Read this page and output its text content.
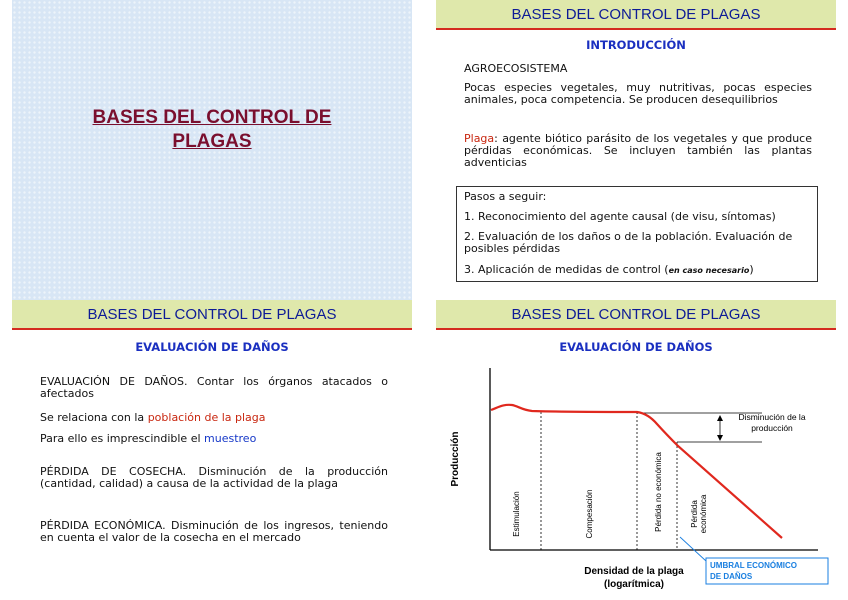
BASES DEL CONTROL DE
PLAGAS
BASES DEL CONTROL DE PLAGAS
INTRODUCCIÓN
AGROECOSISTEMA
Pocas especies vegetales, muy nutritivas, pocas especies animales, poca competencia. Se producen desequilibrios
Plaga: agente biótico parásito de los vegetales y que produce pérdidas económicas. Se incluyen también las plantas adventicias
Pasos a seguir:
1. Reconocimiento del agente causal (de visu, síntomas)
2. Evaluación de los daños o de la población. Evaluación de posibles pérdidas
3. Aplicación de medidas de control (en caso necesario)
BASES DEL CONTROL DE PLAGAS
EVALUACIÓN DE DAÑOS
EVALUACIÓN DE DAÑOS. Contar los órganos atacados o afectados
Se relaciona con la población de la plaga
Para ello es imprescindible el muestreo
PÉRDIDA DE COSECHA. Disminución de la producción (cantidad, calidad) a causa de la actividad de la plaga
PÉRDIDA ECONÓMICA. Disminución de los ingresos, teniendo en cuenta el valor de la cosecha en el mercado
BASES DEL CONTROL DE PLAGAS
EVALUACIÓN DE DAÑOS
Producción
Estimulación	Compesación	Pérdida no económica	Pérdida económica
Disminución de la
producción
Densidad de la plaga
(logarítmica)
UMBRAL ECONÓMICO
DE DAÑOS
